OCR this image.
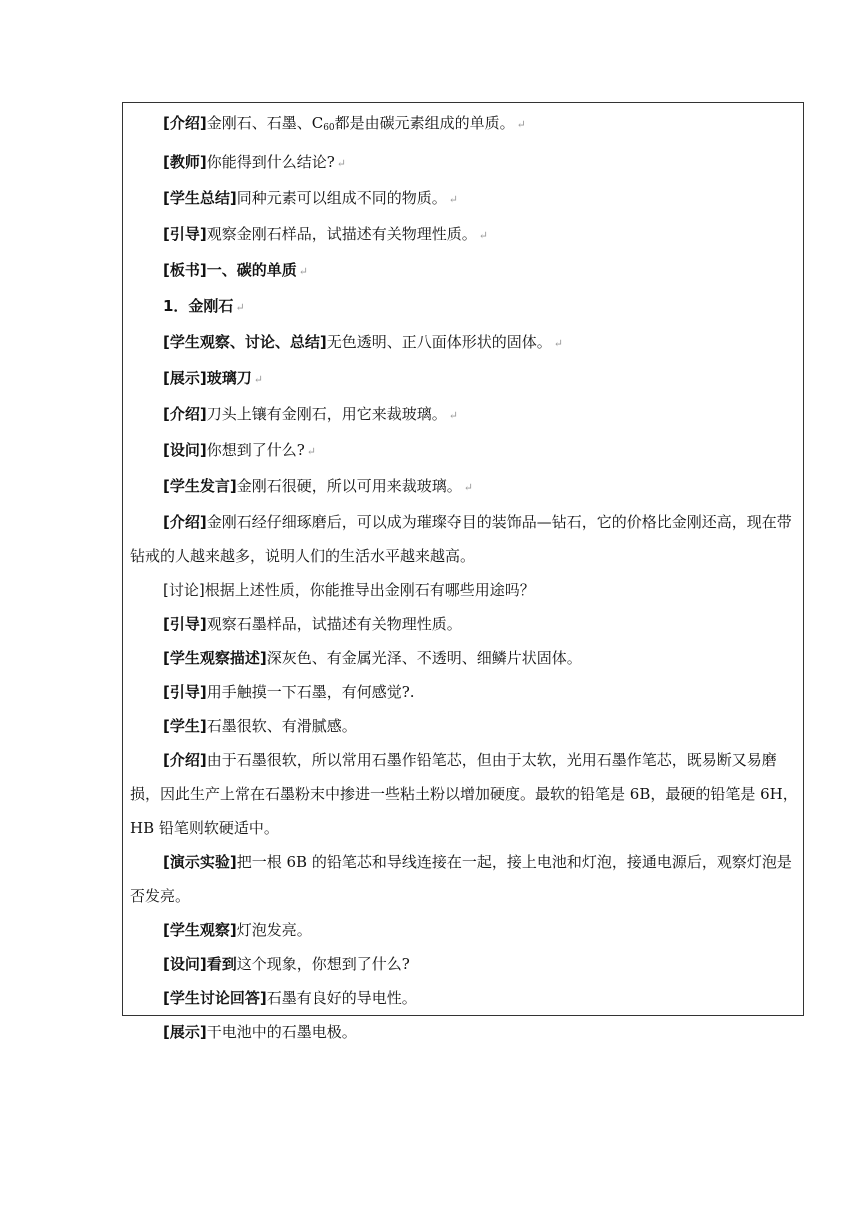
[介绍]金刚石、石墨、$C_{60}$都是由碳元素组成的单质。 ↵

[教师]你能得到什么结论? ↵

[学生总结]同种元素可以组成不同的物质。 ↵

[引导]观察金刚石样品，试描述有关物理性质。 ↵

[板书]一、碳的单质 ↵

1．金刚石 ↵

[学生观察、讨论、总结]无色透明、正八面体形状的固体。 ↵

[展示]玻璃刀 ↵

[介绍]刀头上镶有金刚石，用它来裁玻璃。 ↵

[设问]你想到了什么? ↵

[学生发言]金刚石很硬，所以可用来裁玻璃。 ↵

[介绍]金刚石经仔细琢磨后，可以成为璀璨夺目的装饰品—钻石，它的价格比金刚还高，现在带钻戒的人越来越多，说明人们的生活水平越来越高。

[讨论]根据上述性质，你能推导出金刚石有哪些用途吗？

[引导]观察石墨样品，试描述有关物理性质。

[学生观察描述]深灰色、有金属光泽、不透明、细鳞片状固体。

[引导]用手触摸一下石墨，有何感觉?.

[学生]石墨很软、有滑腻感。

[介绍]由于石墨很软，所以常用石墨作铅笔芯，但由于太软，光用石墨作笔芯，既易断又易磨损，因此生产上常在石墨粉末中掺进一些粘土粉以增加硬度。最软的铅笔是 6B，最硬的铅笔是 6H，HB 铅笔则软硬适中。

[演示实验]把一根 6B 的铅笔芯和导线连接在一起，接上电池和灯泡，接通电源后，观察灯泡是否发亮。

[学生观察]灯泡发亮。

[设问]看到这个现象，你想到了什么?

[学生讨论回答]石墨有良好的导电性。

[展示]干电池中的石墨电极。
